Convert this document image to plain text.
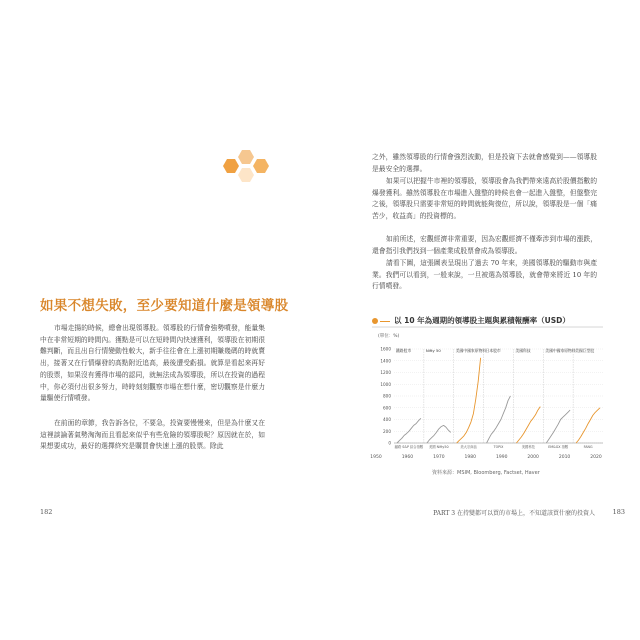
如果不想失敗，至少要知道什麼是領導股
市場走揚的時候，總會出現領導股。領導股的行情會強勢噴發，能量集中在非常短期的時間內。獲點是可以在短時間內快速獲利，領導股在初期很難判斷，而且出自行情變動性較大，新手往往會在上漲初期賺幾碼的時就賣出，接著又在行情爆發的高點附近追高，最後遭受虧損。就算是看起來再好的股票，如果沒有獲得市場的認同，就無法成為領導股，所以在投資的過程中，你必須付出很多努力，時時刻刻觀察市場在想什麼，密切觀察是什麼力量驅使行情噴發。
在前面的章節，我告訴各位，不要急，投資要慢慢來，但是為什麼又在這裡談論著氣勢洶洶而且看起來似乎有些危險的領導股呢？原因就在於，如果想要成功，最好的選擇終究是購買會快速上漲的股票。除此
182
之外，雖然領導股的行情會強烈波動，但是投資下去就會感覺到——領導股是最安全的選擇。
如果可以把握牛市裡的領導股，領導股會為我們帶來遠高於股價指數的爆發獲利。雖然領導股在市場進入盤整的時候也會一起進入盤整，但盤整完之後，領導股只需要非常短的時間就能夠復位，所以說，領導股是一個「痛苦少，收益高」的投資標的。
如前所述，宏觀經濟非常重要，因為宏觀經濟不僅牽涉到市場的漲跌，還會指引我們找到一個產業成股票會成為領導股。
請看下圖，這張圖表呈現出了過去 70 年來，美國領導股的驅動市與產業。我們可以看到，一般來說，一旦被選為領導股，就會帶來將近 10 年的行情噴發。
183
PART 3 在持變都可以買的市場上，不知道該買什麼的投資人
以 10 年為週期的領導股主題與累積報酬率（USD）
(單位：%)
1600
1400
1200
1000
800
600
400
200
0
1950	1960	1970	1980	1990	2000	2010	2020
鐵路股市
鐵路 S&P 綜合指數
Nifty 50
美國 Nifty50
美國中國家原物料
美大宗商品
日本股市
TOPIX
美國科技
美國科技
美國中國家原物料
EM&GX 指數
美國巨型股
FANG
資料來源：MSIM, Bloomberg, Factset, Haver
